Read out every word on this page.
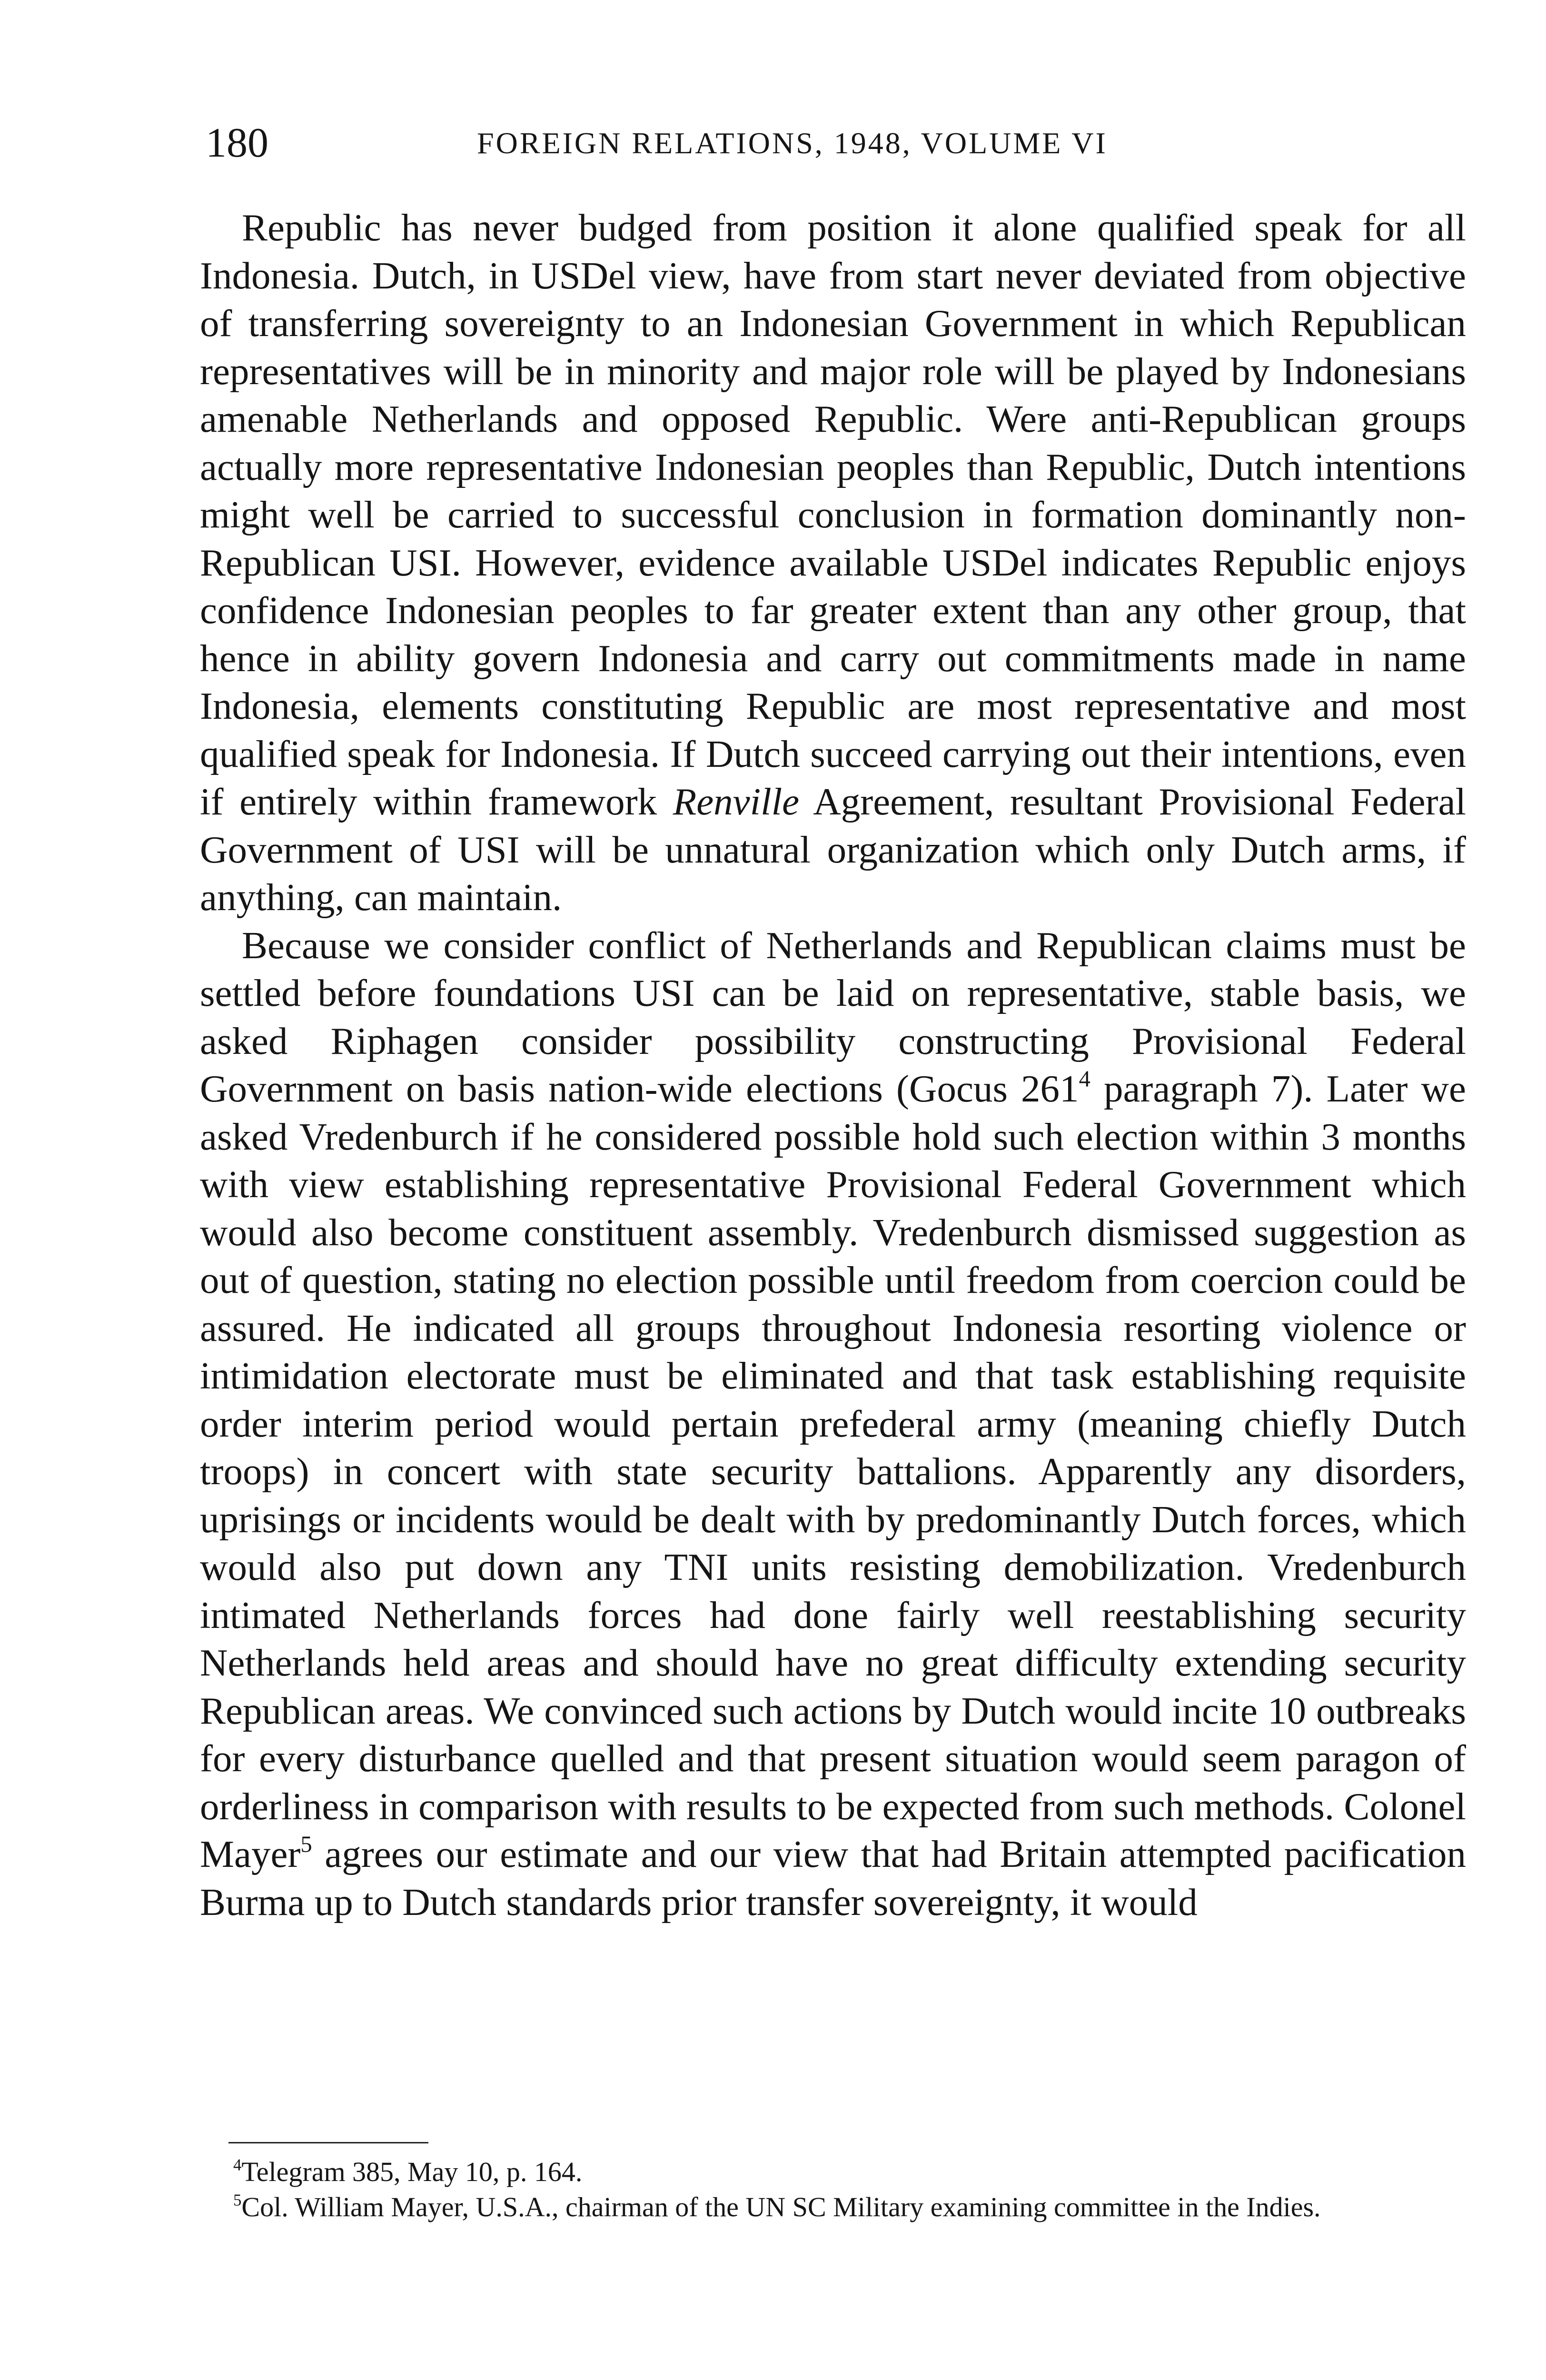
180	FOREIGN RELATIONS, 1948, VOLUME VI

Republic has never budged from position it alone qualified speak for all Indonesia. Dutch, in USDel view, have from start never deviated from objective of transferring sovereignty to an Indonesian Government in which Republican representatives will be in minority and major role will be played by Indonesians amenable Netherlands and opposed Republic. Were anti-Republican groups actually more representative Indonesian peoples than Republic, Dutch intentions might well be carried to successful conclusion in formation dominantly non-Republican USI. However, evidence available USDel indicates Republic enjoys confidence Indonesian peoples to far greater extent than any other group, that hence in ability govern Indonesia and carry out commitments made in name Indonesia, elements constituting Republic are most representative and most qualified speak for Indonesia. If Dutch succeed carrying out their intentions, even if entirely within framework Renville Agreement, resultant Provisional Federal Government of USI will be unnatural organization which only Dutch arms, if anything, can maintain.

Because we consider conflict of Netherlands and Republican claims must be settled before foundations USI can be laid on representative, stable basis, we asked Riphagen consider possibility constructing Provisional Federal Government on basis nation-wide elections (Gocus $261^4$ paragraph 7). Later we asked Vredenburch if he considered possible hold such election within 3 months with view establishing representative Provisional Federal Government which would also become constituent assembly. Vredenburch dismissed suggestion as out of question, stating no election possible until freedom from coercion could be assured. He indicated all groups throughout Indonesia resorting violence or intimidation electorate must be eliminated and that task establishing requisite order interim period would pertain prefederal army (meaning chiefly Dutch troops) in concert with state security battalions. Apparently any disorders, uprisings or incidents would be dealt with by predominantly Dutch forces, which would also put down any TNI units resisting demobilization. Vredenburch intimated Netherlands forces had done fairly well reestablishing security Netherlands held areas and should have no great difficulty extending security Republican areas. We convinced such actions by Dutch would incite 10 outbreaks for every disturbance quelled and that present situation would seem paragon of orderliness in comparison with results to be expected from such methods. Colonel Mayer$^5$ agrees our estimate and our view that had Britain attempted pacification Burma up to Dutch standards prior transfer sovereignty, it would

$^4$Telegram 385, May 10, p. 164.

$^5$Col. William Mayer, U.S.A., chairman of the UN SC Military examining committee in the Indies.
